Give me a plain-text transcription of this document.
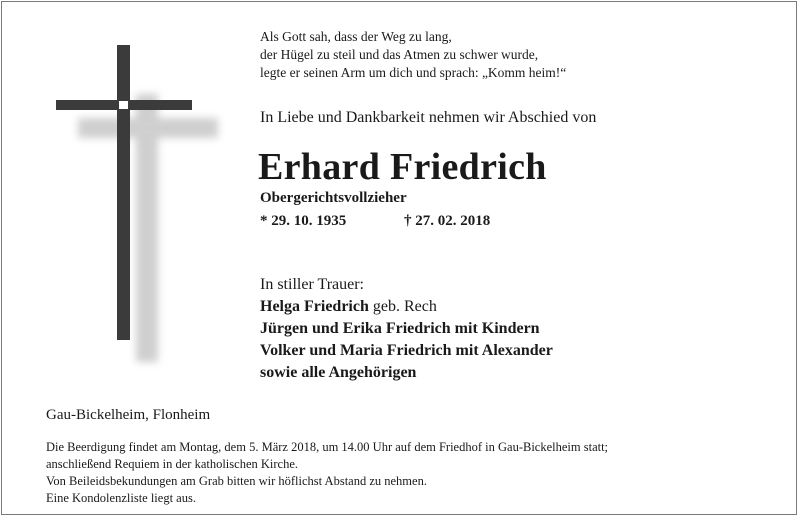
Als Gott sah, dass der Weg zu lang,
der Hügel zu steil und das Atmen zu schwer wurde,
legte er seinen Arm um dich und sprach: „Komm heim!“
In Liebe und Dankbarkeit nehmen wir Abschied von
Erhard Friedrich
Obergerichtsvollzieher
* 29. 10. 1935	† 27. 02. 2018
In stiller Trauer:
Helga Friedrich geb. Rech
Jürgen und Erika Friedrich mit Kindern
Volker und Maria Friedrich mit Alexander
sowie alle Angehörigen
Gau-Bickelheim, Flonheim
Die Beerdigung findet am Montag, dem 5. März 2018, um 14.00 Uhr auf dem Friedhof in Gau-Bickelheim statt;
anschließend Requiem in der katholischen Kirche.
Von Beileidsbekundungen am Grab bitten wir höflichst Abstand zu nehmen.
Eine Kondolenzliste liegt aus.
